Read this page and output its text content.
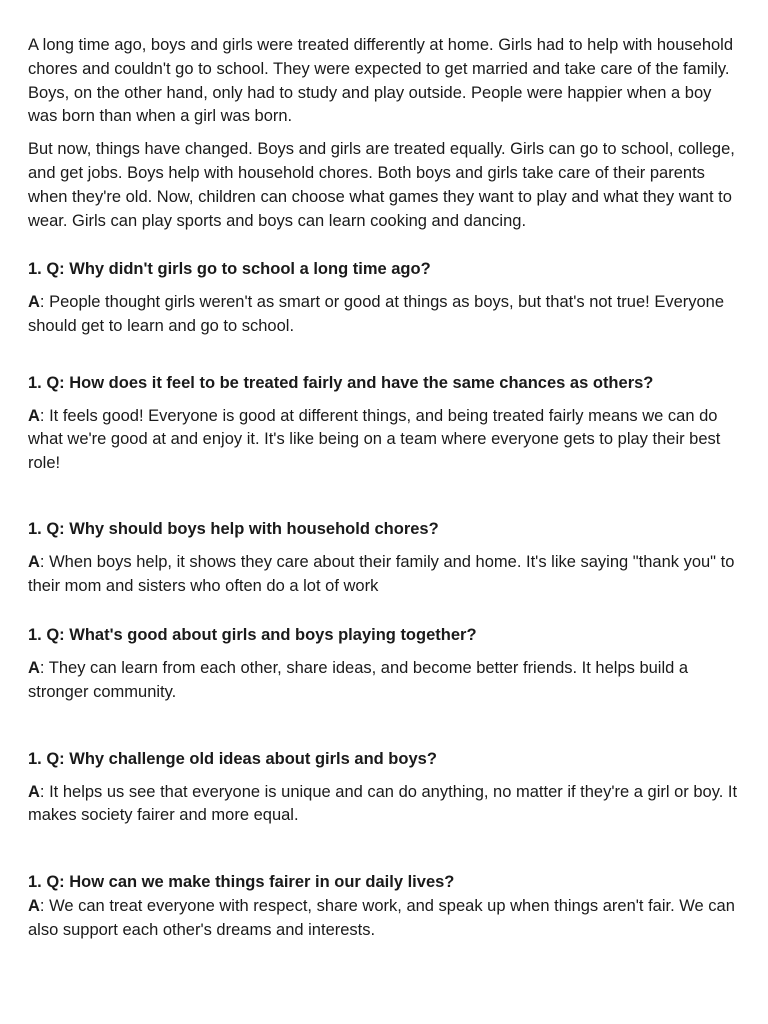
A long time ago, boys and girls were treated differently at home. Girls had to help with household chores and couldn't go to school. They were expected to get married and take care of the family. Boys, on the other hand, only had to study and play outside. People were happier when a boy was born than when a girl was born.

But now, things have changed. Boys and girls are treated equally. Girls can go to school, college, and get jobs. Boys help with household chores. Both boys and girls take care of their parents when they're old. Now, children can choose what games they want to play and what they want to wear. Girls can play sports and boys can learn cooking and dancing.

1. Q: Why didn't girls go to school a long time ago?

A: People thought girls weren't as smart or good at things as boys, but that's not true! Everyone should get to learn and go to school.

1. Q: How does it feel to be treated fairly and have the same chances as others?

A: It feels good! Everyone is good at different things, and being treated fairly means we can do what we're good at and enjoy it. It's like being on a team where everyone gets to play their best role!

1. Q: Why should boys help with household chores?

A: When boys help, it shows they care about their family and home. It's like saying "thank you" to their mom and sisters who often do a lot of work

1. Q: What's good about girls and boys playing together?

A: They can learn from each other, share ideas, and become better friends. It helps build a stronger community.

1. Q: Why challenge old ideas about girls and boys?

A: It helps us see that everyone is unique and can do anything, no matter if they're a girl or boy. It makes society fairer and more equal.

1. Q: How can we make things fairer in our daily lives?

A: We can treat everyone with respect, share work, and speak up when things aren't fair. We can also support each other's dreams and interests.
